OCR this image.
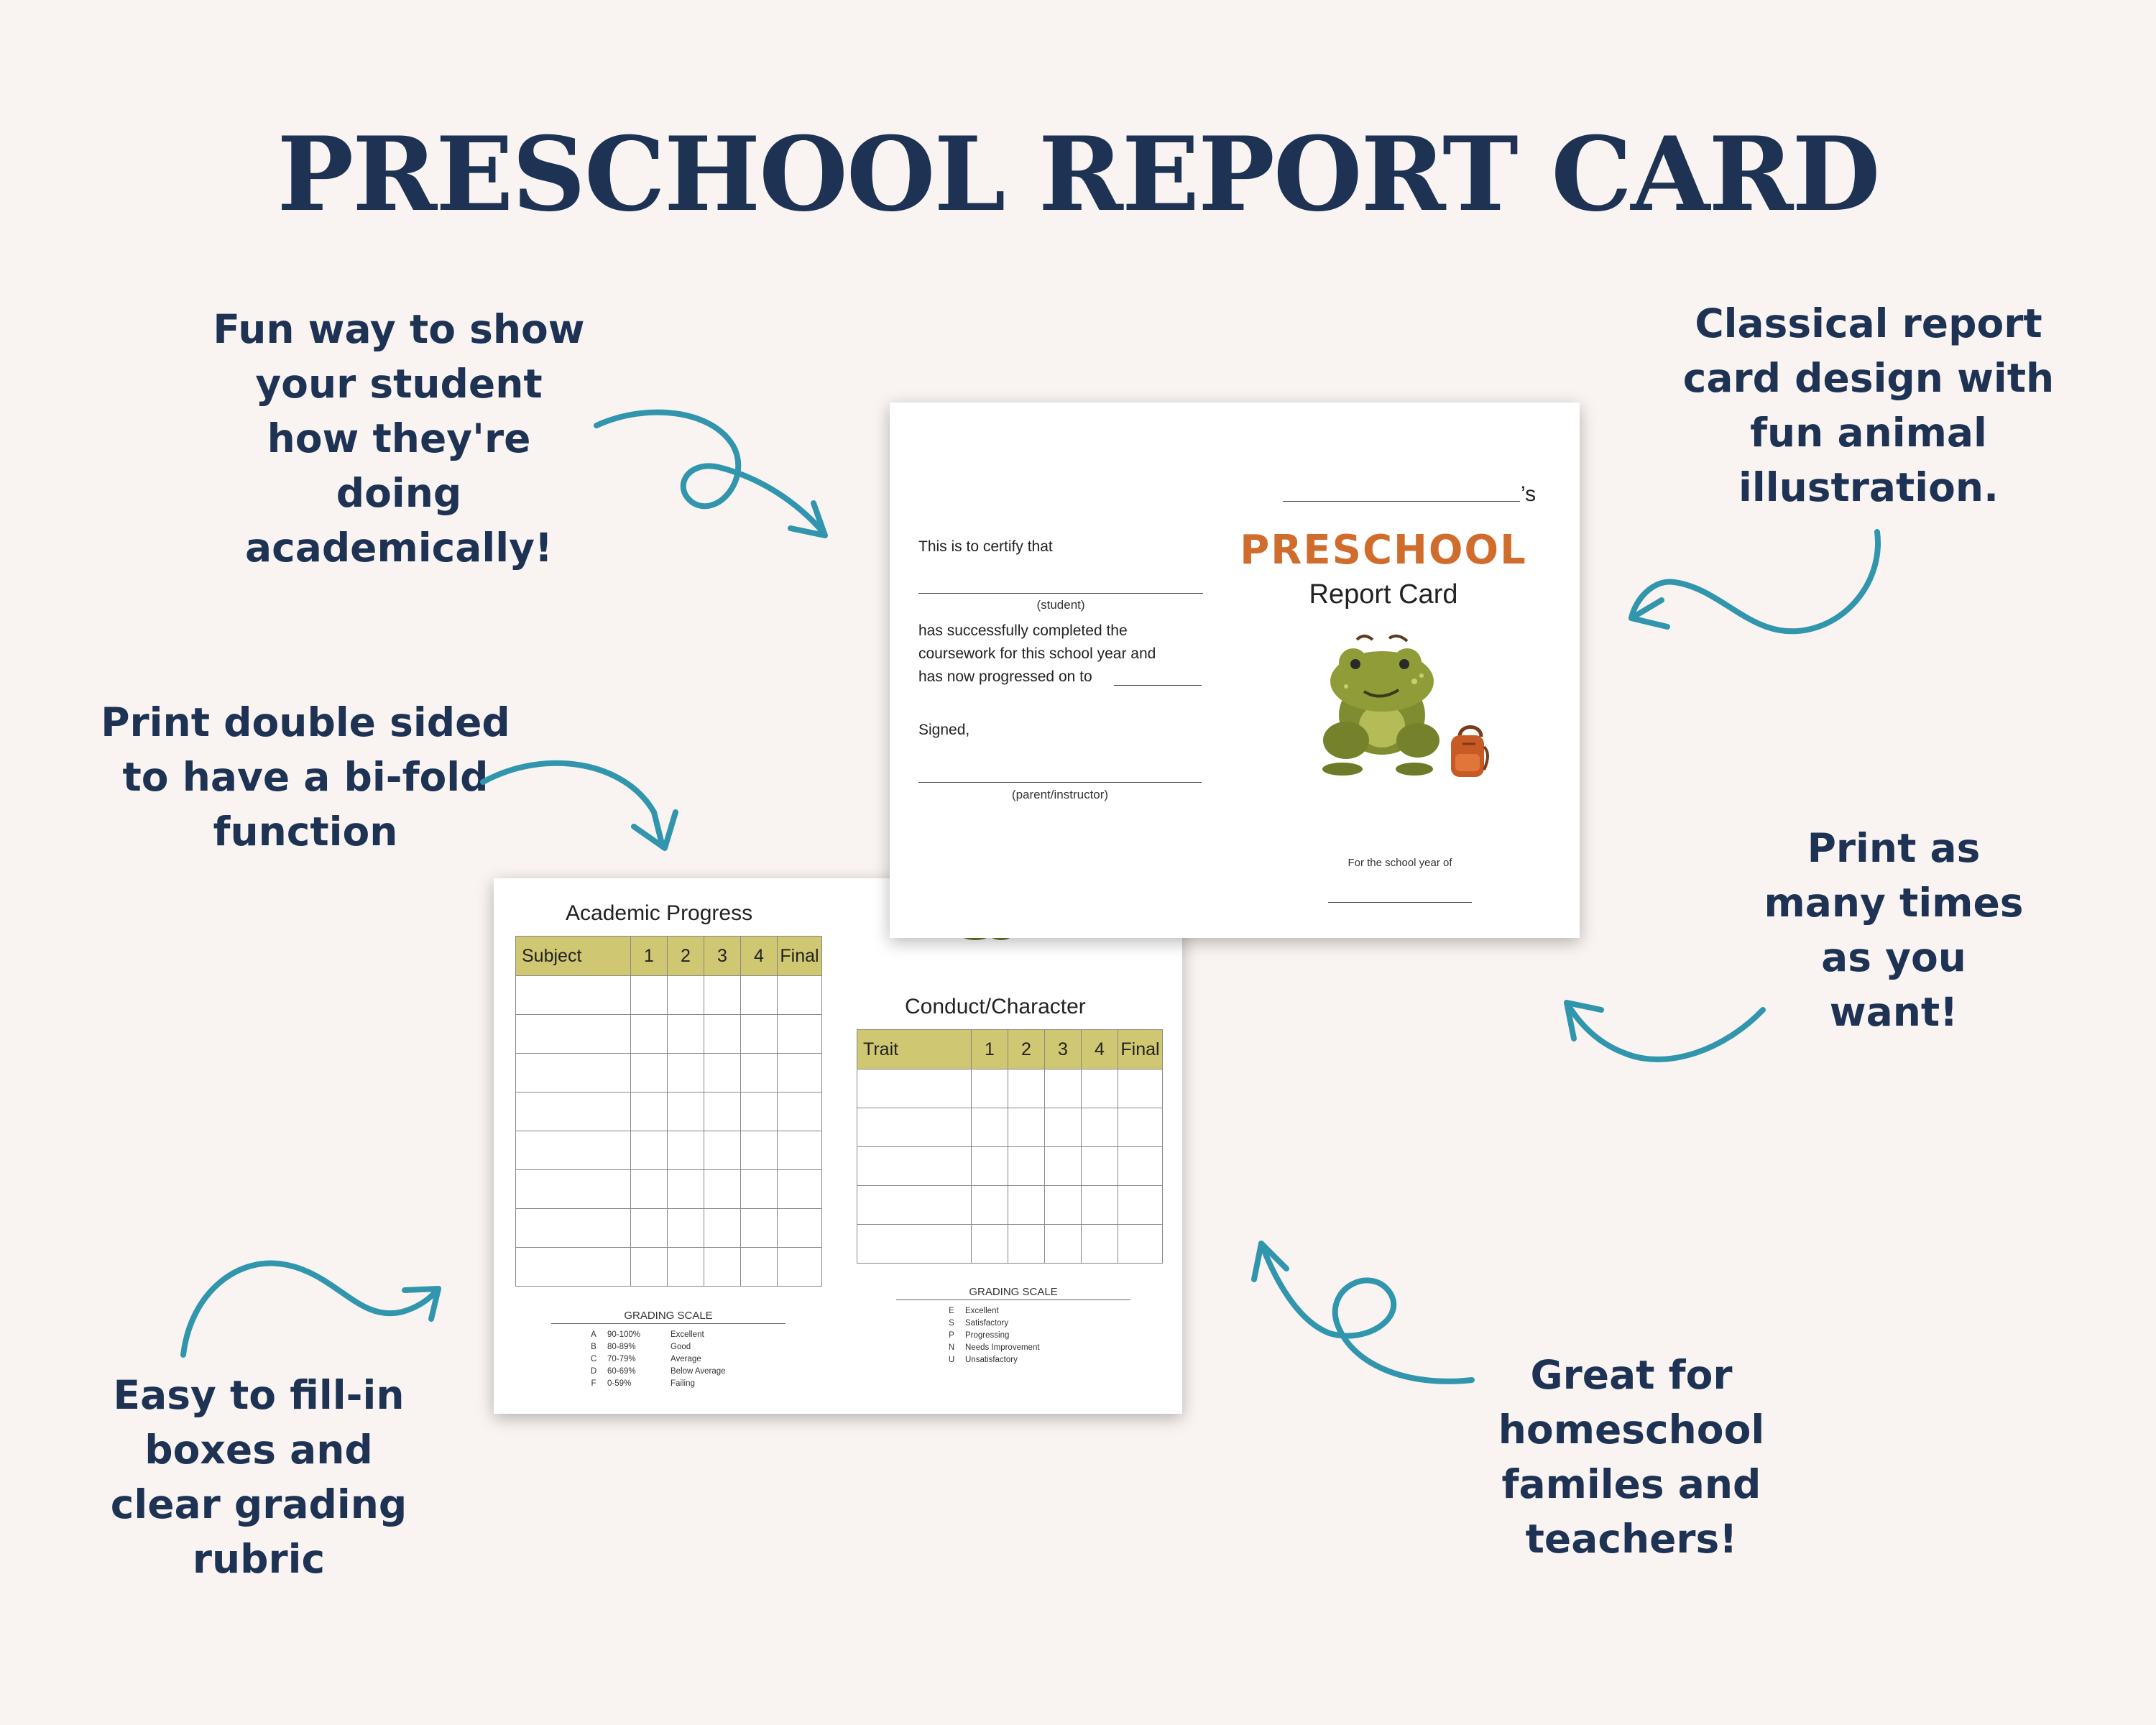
PRESCHOOL REPORT CARD
Fun way to show your student how they're doing academically!
Classical report card design with fun animal illustration.
Print double sided to have a bi-fold function	Print as many times as you want!
Easy to fill-in boxes and clear grading rubric
Great for homeschool familes and teachers!
Academic Progress
Subject	1	2	3	4	Final

GRADING SCALE
A	90-100%	Excellent
B	80-89%	Good
C	70-79%	Average
D	60-69%	Below Average
F	0-59%	Failing
Conduct/Character
Trait	1	2	3	4	Final

GRADING SCALE
E	Excellent
S	Satisfactory
P	Progressing
N	Needs Improvement
U	Unsatisfactory
’s
This is to certify that
(student)
has successfully completed the
coursework for this school year and
has now progressed on to
Signed,
(parent/instructor)
PRESCHOOL
Report Card
For the school year of
